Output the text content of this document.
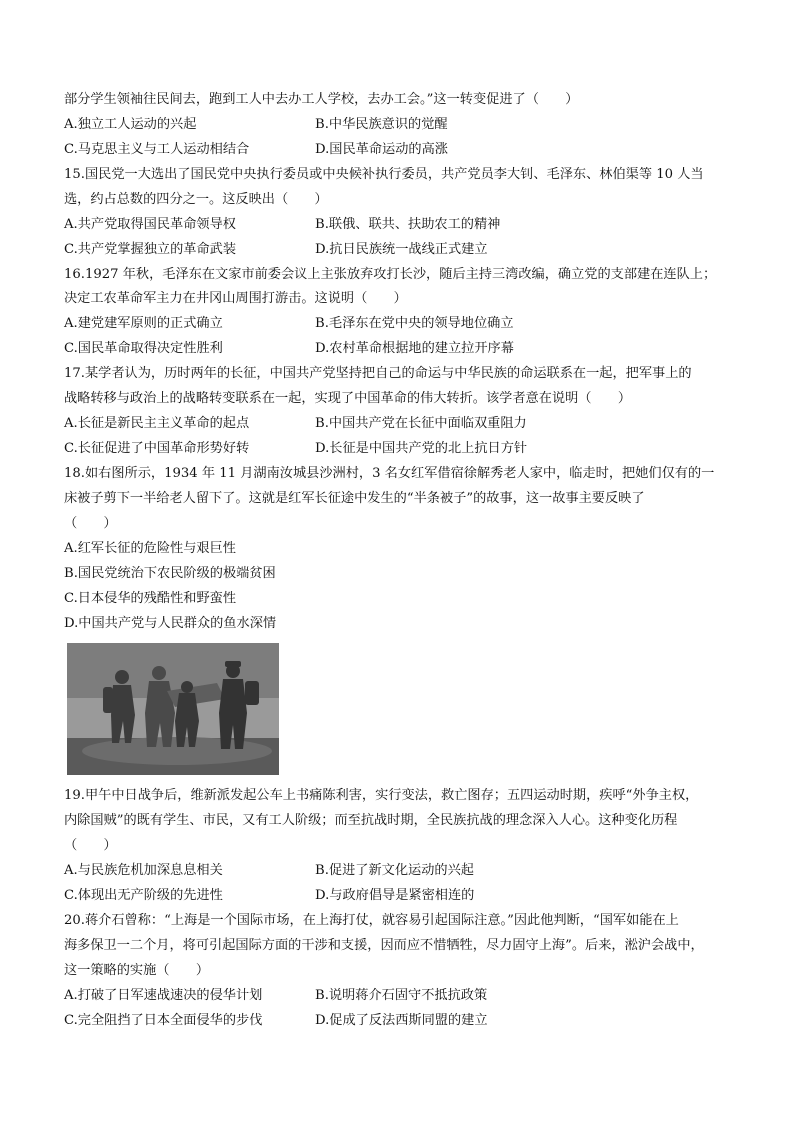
部分学生领袖往民间去，跑到工人中去办工人学校，去办工会。”这一转变促进了（　　）
A.独立工人运动的兴起	B.中华民族意识的觉醒
C.马克思主义与工人运动相结合	D.国民革命运动的高涨
15.国民党一大选出了国民党中央执行委员或中央候补执行委员，共产党员李大钊、毛泽东、林伯渠等 10 人当
选，约占总数的四分之一。这反映出（　　）
A.共产党取得国民革命领导权	B.联俄、联共、扶助农工的精神
C.共产党掌握独立的革命武装	D.抗日民族统一战线正式建立
16.1927 年秋，毛泽东在文家市前委会议上主张放弃攻打长沙，随后主持三湾改编，确立党的支部建在连队上；
决定工农革命军主力在井冈山周围打游击。这说明（　　）
A.建党建军原则的正式确立	B.毛泽东在党中央的领导地位确立
C.国民革命取得决定性胜利	D.农村革命根据地的建立拉开序幕
17.某学者认为，历时两年的长征，中国共产党坚持把自己的命运与中华民族的命运联系在一起，把军事上的
战略转移与政治上的战略转变联系在一起，实现了中国革命的伟大转折。该学者意在说明（　　）
A.长征是新民主主义革命的起点	B.中国共产党在长征中面临双重阻力
C.长征促进了中国革命形势好转	D.长征是中国共产党的北上抗日方针
18.如右图所示，1934 年 11 月湖南汝城县沙洲村，3 名女红军借宿徐解秀老人家中，临走时，把她们仅有的一
床被子剪下一半给老人留下了。这就是红军长征途中发生的“半条被子”的故事，这一故事主要反映了
（　　）
A.红军长征的危险性与艰巨性
B.国民党统治下农民阶级的极端贫困
C.日本侵华的残酷性和野蛮性
D.中国共产党与人民群众的鱼水深情
19.甲午中日战争后，维新派发起公车上书痛陈利害，实行变法，救亡图存；五四运动时期，疾呼“外争主权，
内除国贼”的既有学生、市民，又有工人阶级；而至抗战时期，全民族抗战的理念深入人心。这种变化历程
（　　）
A.与民族危机加深息息相关	B.促进了新文化运动的兴起
C.体现出无产阶级的先进性	D.与政府倡导是紧密相连的
20.蒋介石曾称：“上海是一个国际市场，在上海打仗，就容易引起国际注意。”因此他判断，“国军如能在上
海多保卫一二个月，将可引起国际方面的干涉和支援，因而应不惜牺牲，尽力固守上海”。后来，淞沪会战中，
这一策略的实施（　　）
A.打破了日军速战速决的侵华计划	B.说明蒋介石固守不抵抗政策
C.完全阻挡了日本全面侵华的步伐	D.促成了反法西斯同盟的建立
